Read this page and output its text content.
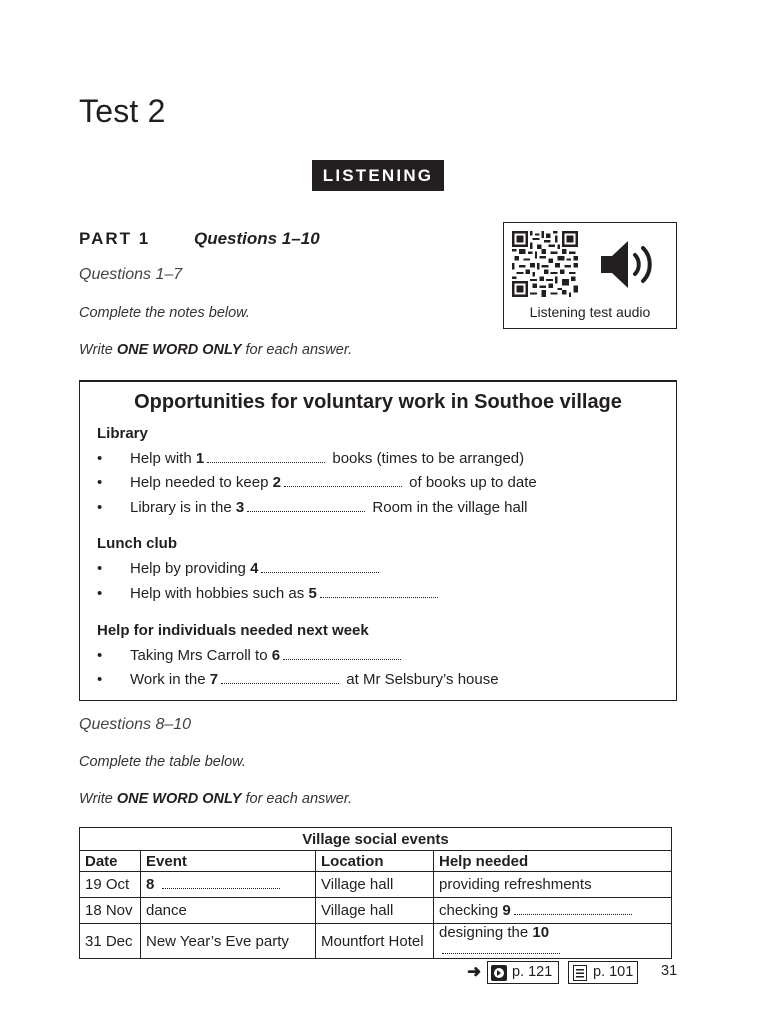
Test 2
LISTENING
PART 1	Questions 1–10
Questions 1–7
Complete the notes below.
Write ONE WORD ONLY for each answer.
Listening test audio
Opportunities for voluntary work in Southoe village
Library
• Help with 1	books (times to be arranged)
• Help needed to keep 2	of books up to date
• Library is in the 3	Room in the village hall
Lunch club
• Help by providing 4
• Help with hobbies such as 5
Help for individuals needed next week
• Taking Mrs Carroll to 6
• Work in the 7	at Mr Selsbury’s house
Questions 8–10
Complete the table below.
Write ONE WORD ONLY for each answer.
Village social events			
Date	Event	Location	Help needed
19 Oct	8	Village hall	providing refreshments
18 Nov	dance	Village hall	checking 9
31 Dec	New Year’s Eve party	Mountfort Hotel	designing the 10
➜ p. 121	p. 101 31
